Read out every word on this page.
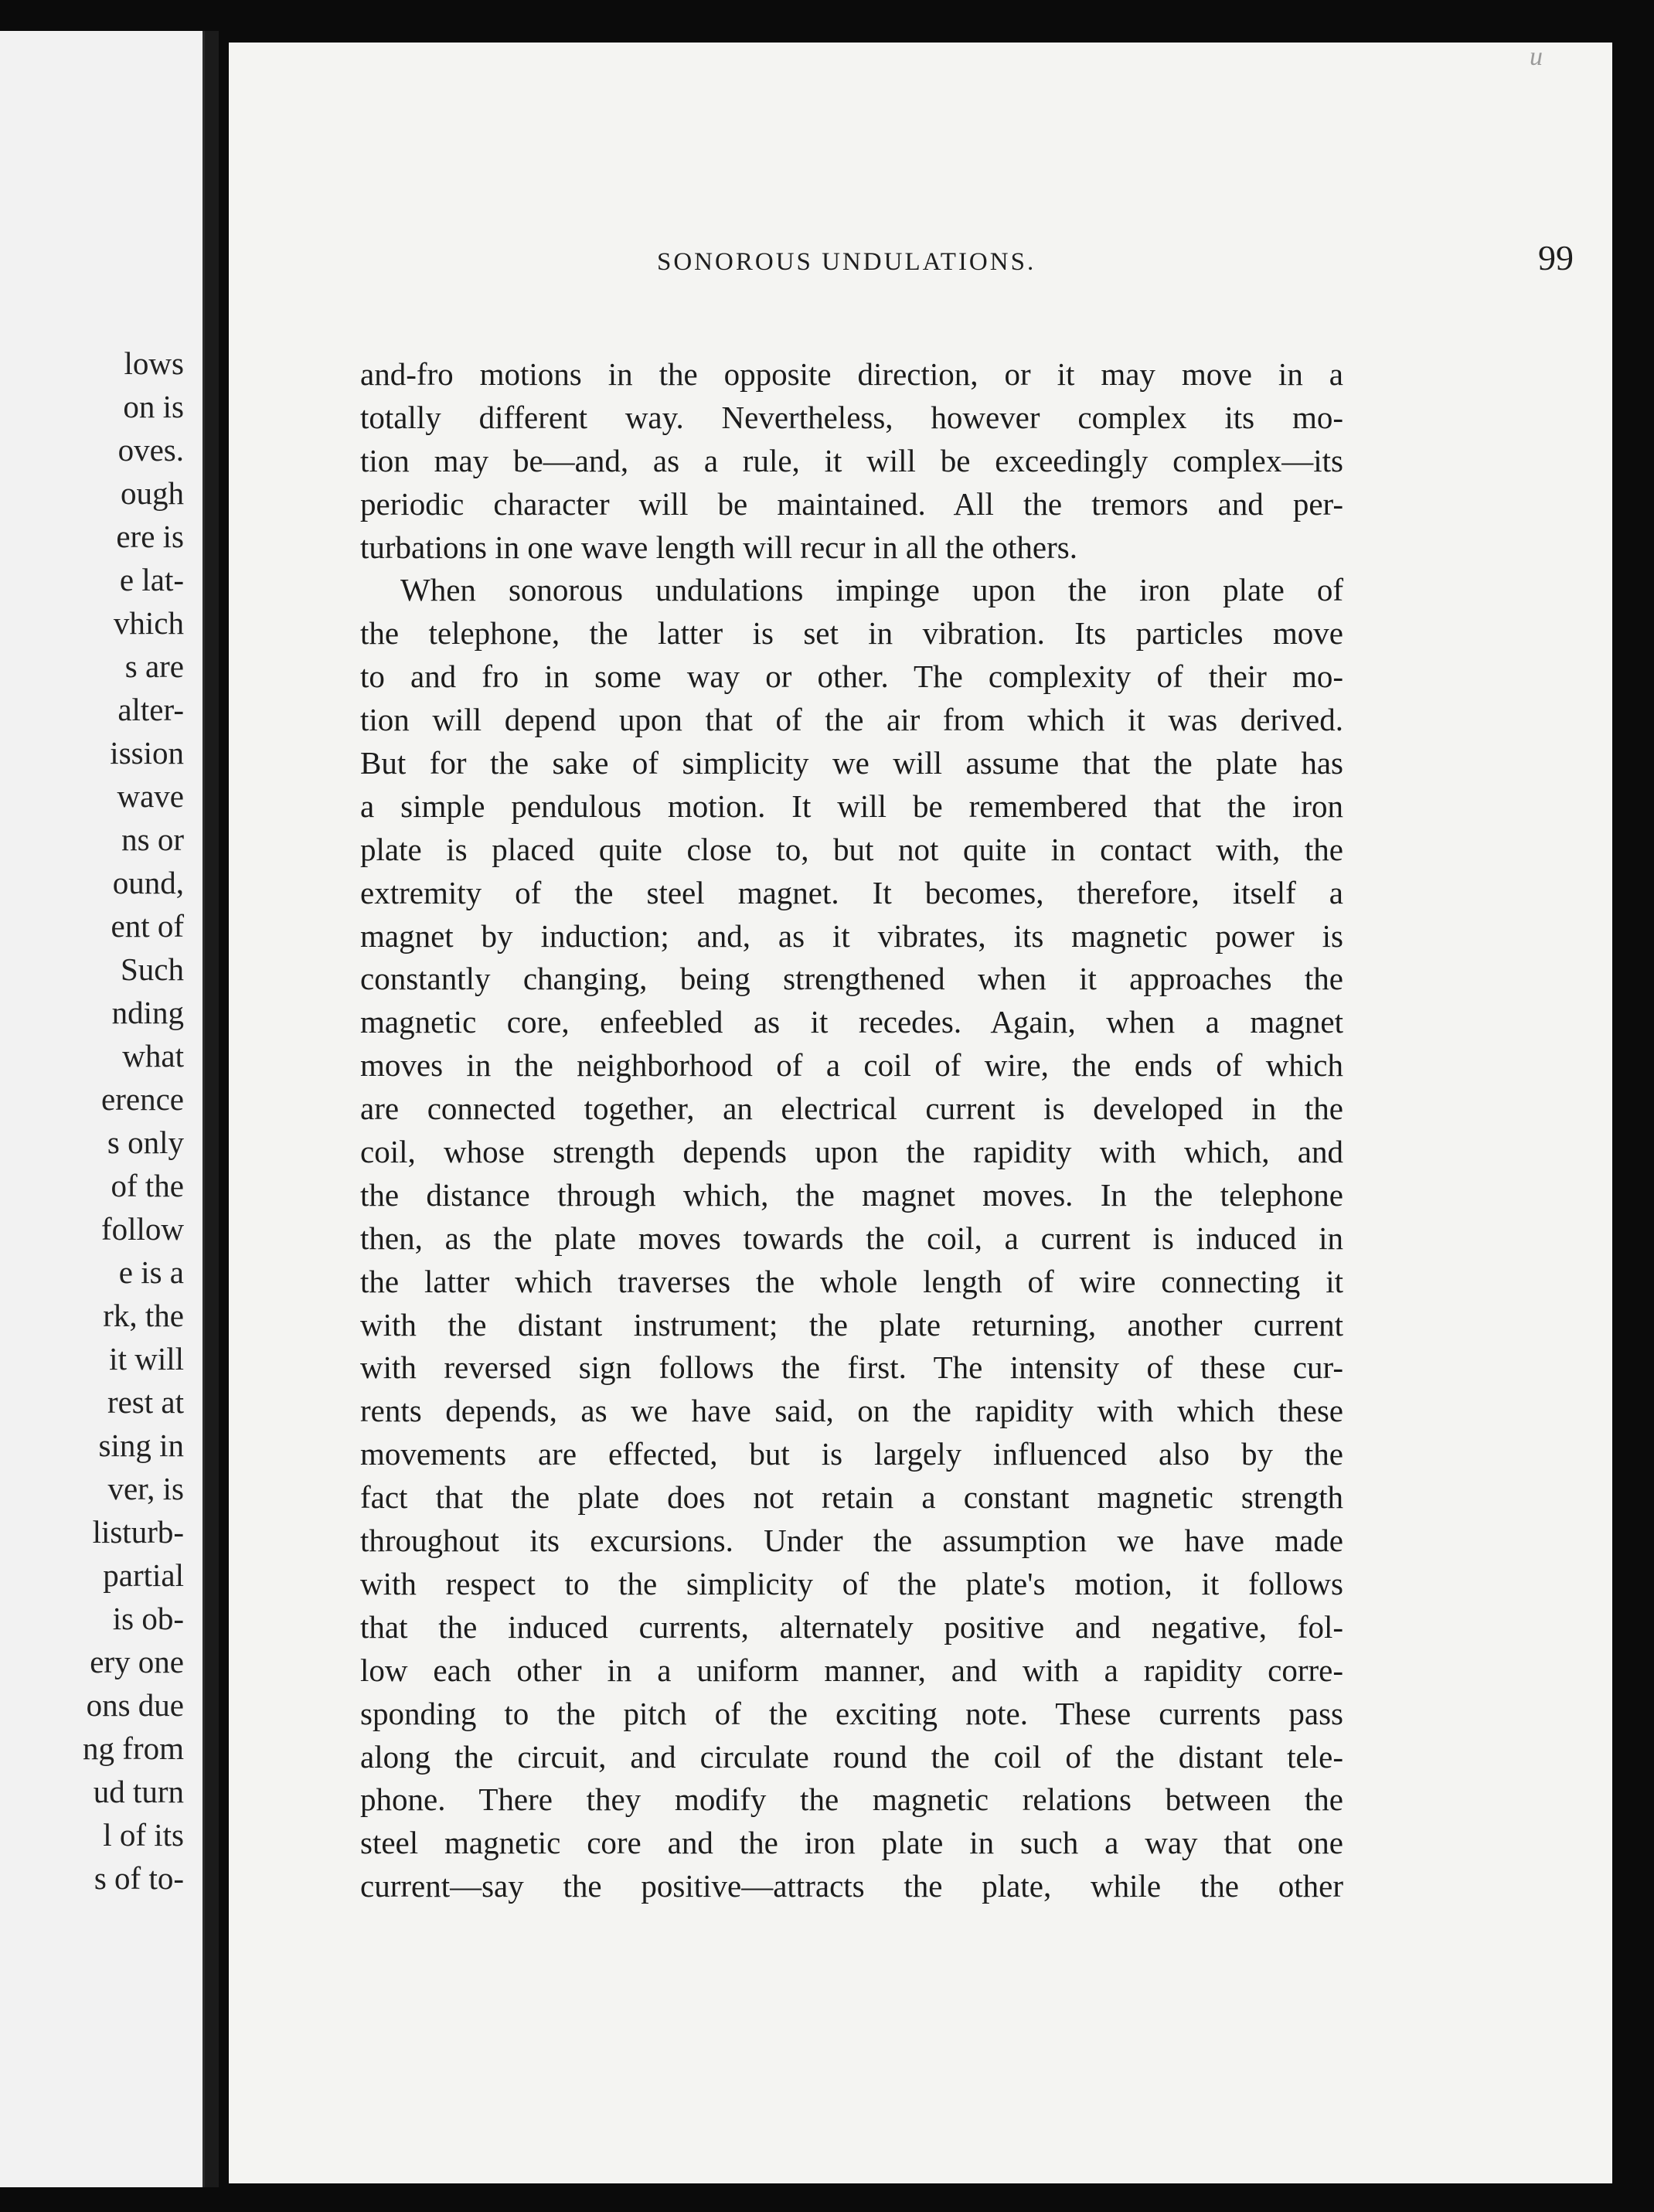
lows
on is
oves.
ough
ere is
e lat-
vhich
s are
alter-
ission
wave
ns or
ound,
ent of
Such
nding
what
erence
s only
of the
follow
e is a
rk, the
it will
rest at
sing in
ver, is
listurb-
partial
is ob-
ery one
ons due
ng from
ud turn
l of its
s of to-
u
SONOROUS UNDULATIONS.	99
and-fro motions in the opposite direction, or it may move in a
totally different way. Nevertheless, however complex its mo-
tion may be—and, as a rule, it will be exceedingly complex—its
periodic character will be maintained. All the tremors and per-
turbations in one wave length will recur in all the others.
When sonorous undulations impinge upon the iron plate of
the telephone, the latter is set in vibration. Its particles move
to and fro in some way or other. The complexity of their mo-
tion will depend upon that of the air from which it was derived.
But for the sake of simplicity we will assume that the plate has
a simple pendulous motion. It will be remembered that the iron
plate is placed quite close to, but not quite in contact with, the
extremity of the steel magnet. It becomes, therefore, itself a
magnet by induction; and, as it vibrates, its magnetic power is
constantly changing, being strengthened when it approaches the
magnetic core, enfeebled as it recedes. Again, when a magnet
moves in the neighborhood of a coil of wire, the ends of which
are connected together, an electrical current is developed in the
coil, whose strength depends upon the rapidity with which, and
the distance through which, the magnet moves. In the telephone
then, as the plate moves towards the coil, a current is induced in
the latter which traverses the whole length of wire connecting it
with the distant instrument; the plate returning, another current
with reversed sign follows the first. The intensity of these cur-
rents depends, as we have said, on the rapidity with which these
movements are effected, but is largely influenced also by the
fact that the plate does not retain a constant magnetic strength
throughout its excursions. Under the assumption we have made
with respect to the simplicity of the plate's motion, it follows
that the induced currents, alternately positive and negative, fol-
low each other in a uniform manner, and with a rapidity corre-
sponding to the pitch of the exciting note. These currents pass
along the circuit, and circulate round the coil of the distant tele-
phone. There they modify the magnetic relations between the
steel magnetic core and the iron plate in such a way that one
current—say the positive—attracts the plate, while the other
